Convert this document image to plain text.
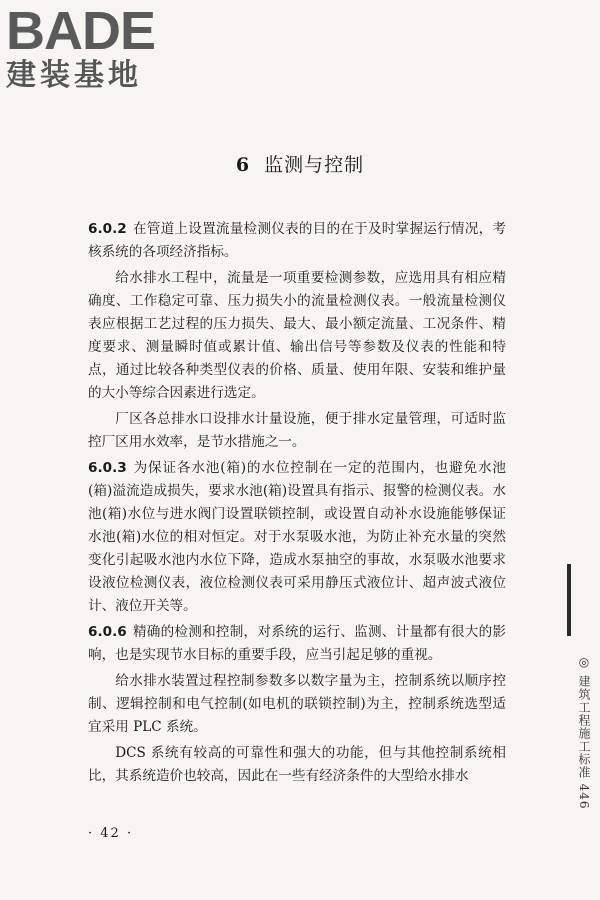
BADE
建装基地
6 监测与控制

6.0.2 在管道上设置流量检测仪表的目的在于及时掌握运行情况，考核系统的各项经济指标。

给水排水工程中，流量是一项重要检测参数，应选用具有相应精确度、工作稳定可靠、压力损失小的流量检测仪表。一般流量检测仪表应根据工艺过程的压力损失、最大、最小额定流量、工况条件、精度要求、测量瞬时值或累计值、输出信号等参数及仪表的性能和特点，通过比较各种类型仪表的价格、质量、使用年限、安装和维护量的大小等综合因素进行选定。

厂区各总排水口设排水计量设施，便于排水定量管理，可适时监控厂区用水效率，是节水措施之一。

6.0.3 为保证各水池(箱)的水位控制在一定的范围内，也避免水池(箱)溢流造成损失，要求水池(箱)设置具有指示、报警的检测仪表。水池(箱)水位与进水阀门设置联锁控制，或设置自动补水设施能够保证水池(箱)水位的相对恒定。对于水泵吸水池，为防止补充水量的突然变化引起吸水池内水位下降，造成水泵抽空的事故，水泵吸水池要求设液位检测仪表，液位检测仪表可采用静压式液位计、超声波式液位计、液位开关等。

6.0.6 精确的检测和控制，对系统的运行、监测、计量都有很大的影响，也是实现节水目标的重要手段，应当引起足够的重视。

给水排水装置过程控制参数多以数字量为主，控制系统以顺序控制、逻辑控制和电气控制(如电机的联锁控制)为主，控制系统选型适宜采用 PLC 系统。

DCS 系统有较高的可靠性和强大的功能，但与其他控制系统相比，其系统造价也较高，因此在一些有经济条件的大型给水排水

· 42 ·
◎ 建筑工程施工标准 446
